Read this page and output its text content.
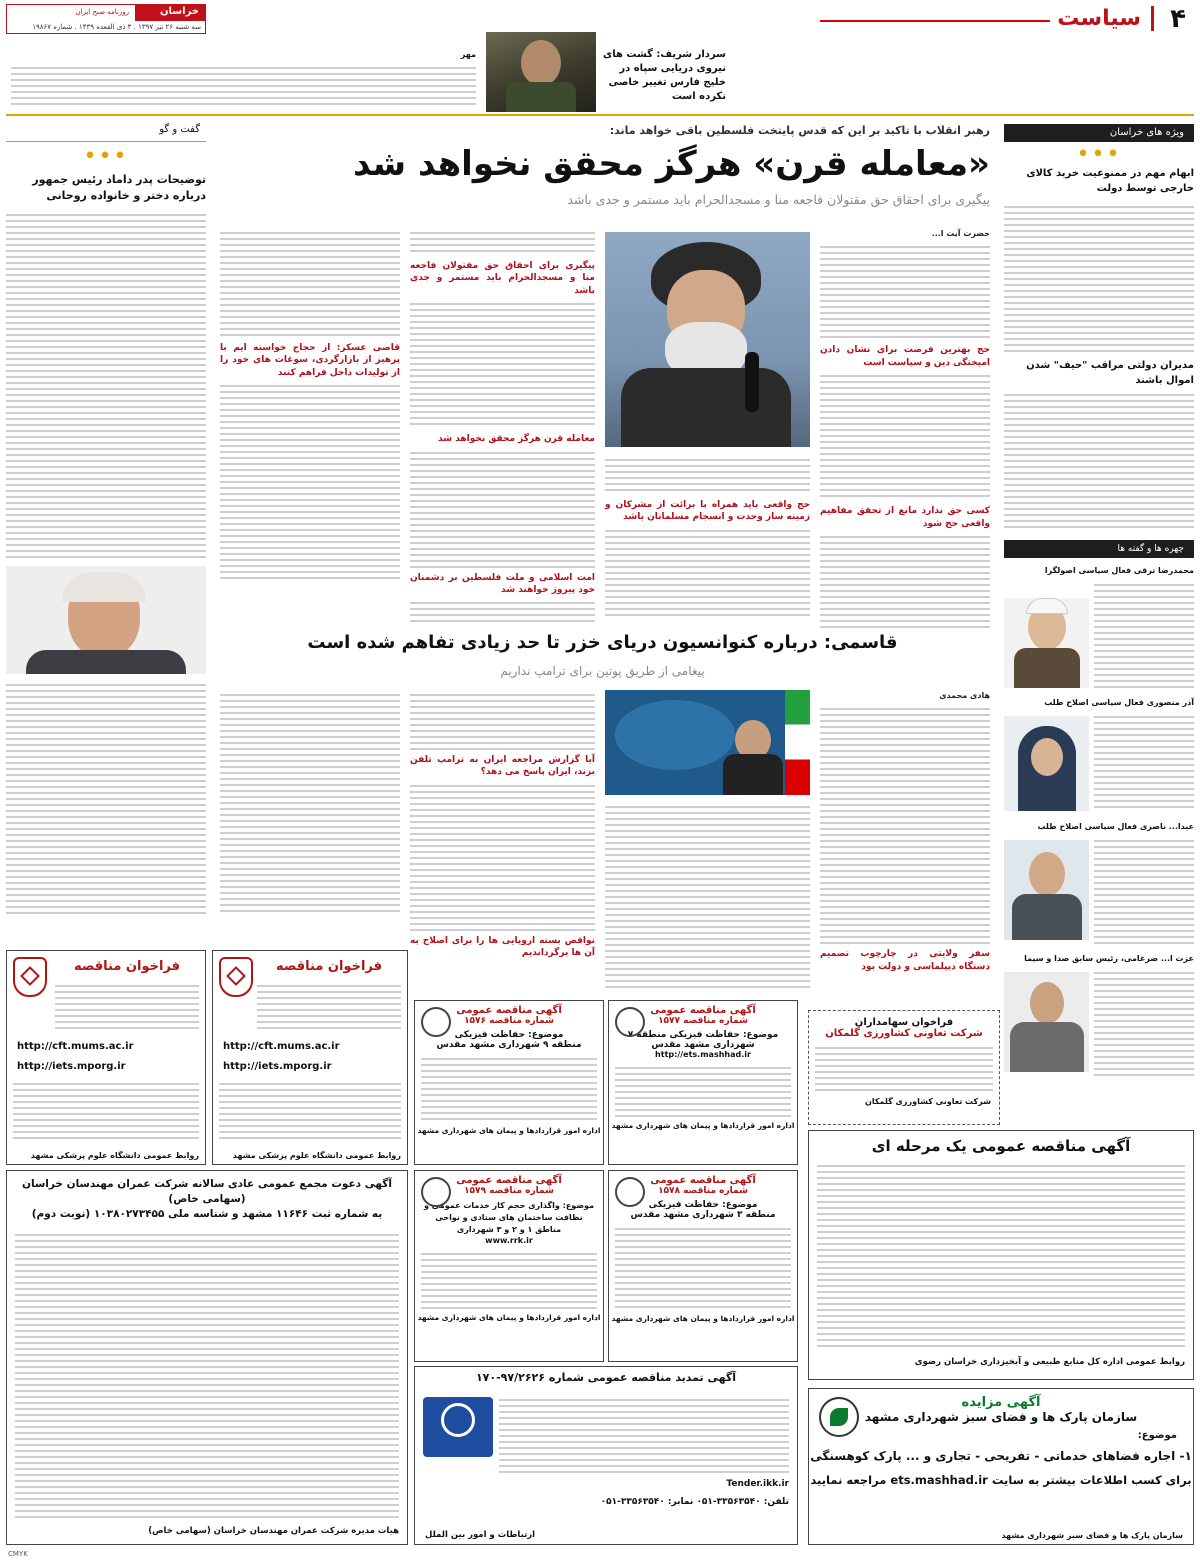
۴
سیاست
خراسان
روزنامه صبح ایران
سه شنبه ۲۶ تیر ۱۳۹۷ . ۳ ذی القعده ۱۴۳۹ . شماره ۱۹۸۶۷
سردار شریف: گشت های نیروی دریایی سپاه در
خلیج فارس تغییر خاصی نکرده است
مهر
ویژه های خراسان
•••
ابهام مهم در ممنوعیت خرید کالای خارجی توسط دولت
مدیران دولتی مراقب "حیف" شدن اموال باشند
چهره ها و گفته ها
محمدرضا ترقی فعال سیاسی اصولگرا
آذر منصوری فعال سیاسی اصلاح طلب
عبدا... ناصری فعال سیاسی اصلاح طلب
عزت ا... ضرغامی، رئیس سابق صدا و سیما
رهبر انقلاب با تاکید بر این که قدس پایتخت فلسطین باقی خواهد ماند:
«معامله قرن» هرگز محقق نخواهد شد
پیگیری برای احقاق حق مقتولان فاجعه منا و مسجدالحرام باید مستمر و جدی باشد
حضرت آیت ا...
حج بهترین فرصت برای نشان دادن امیختگی دین و سیاست است
کسی حق ندارد مانع از تحقق مفاهیم واقعی حج شود
حج واقعی باید همراه با برائت از مشرکان و زمینه ساز وحدت و انسجام مسلمانان باشد
پیگیری برای احقاق حق مقتولان فاجعه منا و مسجدالحرام باید مستمر و جدی باشد
معامله قرن هرگز محقق نخواهد شد
امت اسلامی و ملت فلسطین بر دشمنان خود پیروز خواهند شد
قاضی عسکر: از حجاج خواسته ایم با پرهیز از بازارگردی، سوغات های خود را از تولیدات داخل فراهم کنند
گفت و گو
•••
توضیحات پدر داماد رئیس جمهور درباره دختر و خانواده روحانی
قاسمی: درباره کنوانسیون دریای خزر تا حد زیادی تفاهم شده است
پیغامی از طریق پوتین برای ترامپ نداریم
هادی محمدی
سفر ولایتی در چارچوب تصمیم دستگاه دیپلماسی و دولت بود
آیا گزارش مراجعه ایران به ترامپ تلفن بزند، ایران پاسخ می دهد؟
نواقص بسته اروپایی ها را برای اصلاح به آن ها برگرداندیم
فراخوان مناقصه
http://cft.mums.ac.ir
http://iets.mporg.ir
روابط عمومی دانشگاه علوم پزشکی مشهد
فراخوان مناقصه
http://cft.mums.ac.ir
http://iets.mporg.ir
روابط عمومی دانشگاه علوم پزشکی مشهد
آگهی مناقصه عمومی
شماره مناقصه ۱۵۷۶
موضوع: حفاظت فیزیکی
منطقه ۹ شهرداری مشهد مقدس
اداره امور قراردادها و پیمان های شهرداری مشهد
آگهی مناقصه عمومی
شماره مناقصه ۱۵۷۷
موضوع: حفاظت فیزیکی منطقه ۷
شهرداری مشهد مقدس
http://ets.mashhad.ir
اداره امور قراردادها و پیمان های شهرداری مشهد
فراخوان سهامداران
شرکت تعاونی کشاورزی گلمکان
شرکت تعاونی کشاورزی گلمکان
آگهی مناقصه عمومی یک مرحله ای
روابط عمومی اداره کل منابع طبیعی و آبخیزداری خراسان رضوی
آگهی دعوت مجمع عمومی عادی سالانه شرکت عمران مهندسان خراسان (سهامی خاص)
به شماره ثبت ۱۱۶۴۶ مشهد و شناسه ملی ۱۰۳۸۰۲۷۳۴۵۵ (نوبت دوم)
هیات مدیره شرکت عمران مهندسان خراسان (سهامی خاص)
آگهی مناقصه عمومی
شماره مناقصه ۱۵۷۹
موضوع: واگذاری حجم کار خدمات عمومی و نظافت ساختمان های ستادی و نواحی مناطق ۱ و ۲ و ۳ شهرداری
www.rrk.ir
اداره امور قراردادها و پیمان های شهرداری مشهد
آگهی مناقصه عمومی
شماره مناقصه ۱۵۷۸
موضوع: حفاظت فیزیکی
منطقه ۳ شهرداری مشهد مقدس
اداره امور قراردادها و پیمان های شهرداری مشهد
آگهی تمدید مناقصه عمومی شماره ۹۷/۲۶۲۶-۱۷۰
Tender.ikk.ir
تلفن: ۳۳۵۶۳۵۴۰-۰۵۱ نمابر: ۳۳۵۶۳۵۴۰-۰۵۱
ارتباطات و امور بین الملل
آگهی مزایده
سازمان پارک ها و فضای سبز شهرداری مشهد
موضوع:
۱- اجاره فضاهای خدماتی - تفریحی - تجاری و ... پارک کوهسنگی
برای کسب اطلاعات بیشتر به سایت ets.mashhad.ir مراجعه نمایید
سازمان پارک ها و فضای سبز شهرداری مشهد
CMYK
